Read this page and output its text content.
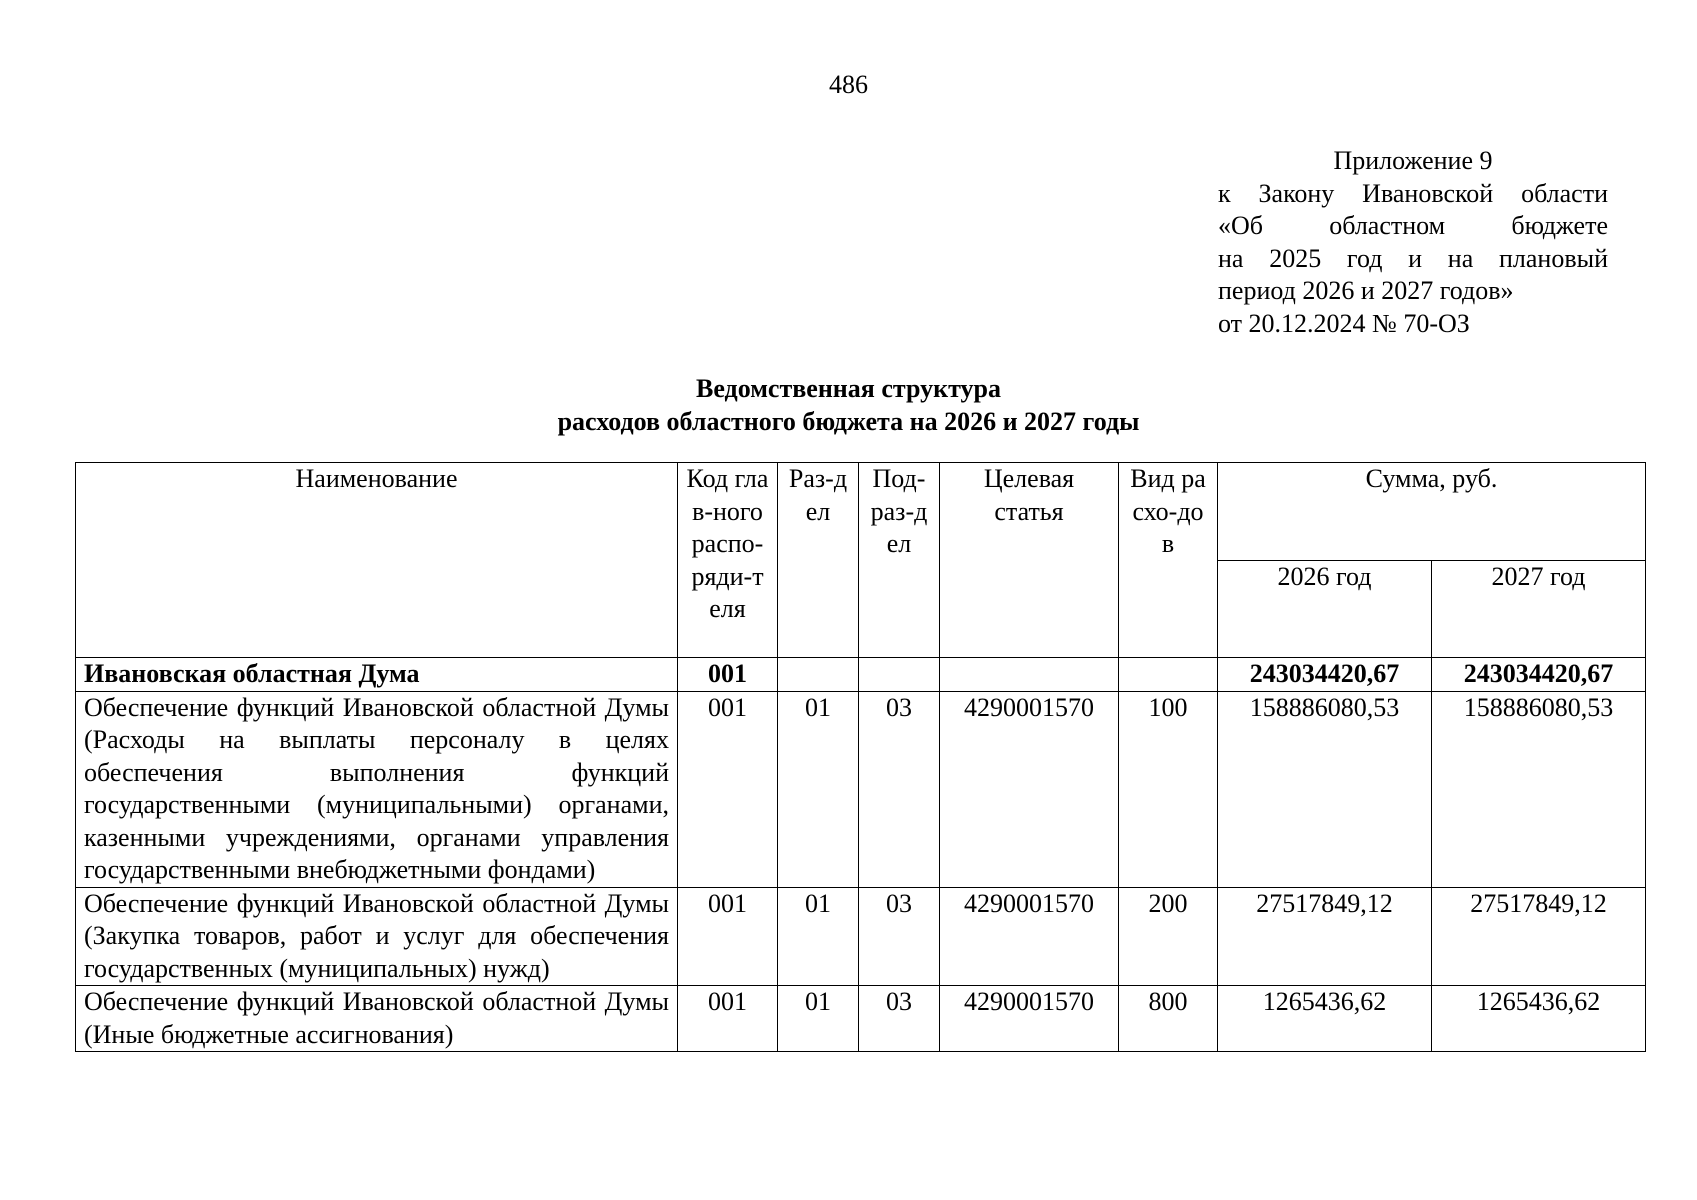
486
Приложение 9
к Закону Ивановской области
«Об областном бюджете
на 2025 год и на плановый
период 2026 и 2027 годов»
от 20.12.2024 № 70-ОЗ
Ведомственная структура
расходов областного бюджета на 2026 и 2027 годы
Наименование	Код глав-ного распо-ряди-теля	Раз-дел	Под-раз-дел	Целевая статья	Вид расхо-дов	Сумма, руб.	
						2026 год	2027 год
Ивановская областная Дума	001					243034420,67	243034420,67
Обеспечение функций Ивановской областной Думы (Расходы на выплаты персоналу в целях обеспечения выполнения функций государственными (муниципальными) органами, казенными учреждениями, органами управления государственными внебюджетными фондами)	001	01	03	4290001570	100	158886080,53	158886080,53
Обеспечение функций Ивановской областной Думы (Закупка товаров, работ и услуг для обеспечения государственных (муниципальных) нужд)	001	01	03	4290001570	200	27517849,12	27517849,12
Обеспечение функций Ивановской областной Думы (Иные бюджетные ассигнования)	001	01	03	4290001570	800	1265436,62	1265436,62
